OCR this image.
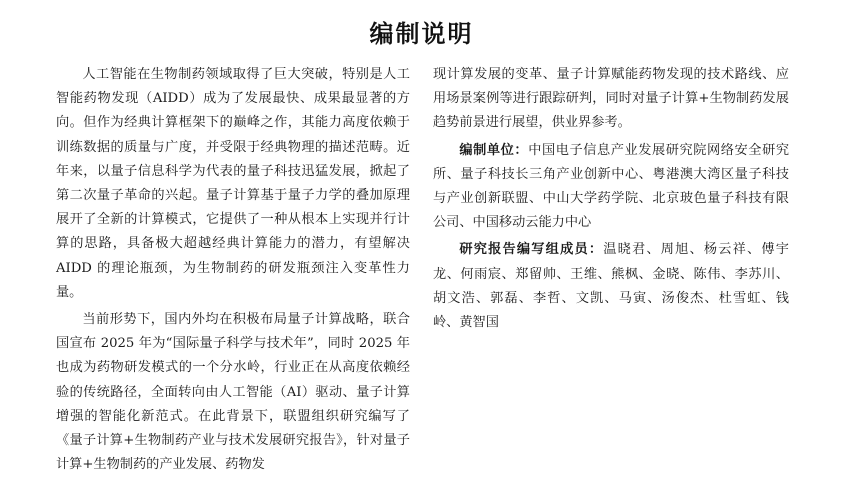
编制说明

人工智能在生物制药领域取得了巨大突破，特别是人工智能药物发现（AIDD）成为了发展最快、成果最显著的方向。但作为经典计算框架下的巅峰之作，其能力高度依赖于训练数据的质量与广度，并受限于经典物理的描述范畴。近年来，以量子信息科学为代表的量子科技迅猛发展，掀起了第二次量子革命的兴起。量子计算基于量子力学的叠加原理展开了全新的计算模式，它提供了一种从根本上实现并行计算的思路，具备极大超越经典计算能力的潜力，有望解决 AIDD 的理论瓶颈，为生物制药的研发瓶颈注入变革性力量。

当前形势下，国内外均在积极布局量子计算战略，联合国宣布 2025 年为“国际量子科学与技术年”，同时 2025 年也成为药物研发模式的一个分水岭，行业正在从高度依赖经验的传统路径，全面转向由人工智能（AI）驱动、量子计算增强的智能化新范式。在此背景下，联盟组织研究编写了《量子计算+生物制药产业与技术发展研究报告》，针对量子计算+生物制药的产业发展、药物发

现计算发展的变革、量子计算赋能药物发现的技术路线、应用场景案例等进行跟踪研判，同时对量子计算+生物制药发展趋势前景进行展望，供业界参考。

编制单位：中国电子信息产业发展研究院网络安全研究所、量子科技长三角产业创新中心、粤港澳大湾区量子科技与产业创新联盟、中山大学药学院、北京玻色量子科技有限公司、中国移动云能力中心

研究报告编写组成员：温晓君、周旭、杨云祥、傅宇龙、何雨宸、郑留帅、王维、熊枫、金晓、陈伟、李苏川、胡文浩、郭磊、李哲、文凯、马寅、汤俊杰、杜雪虹、钱岭、黄智国
